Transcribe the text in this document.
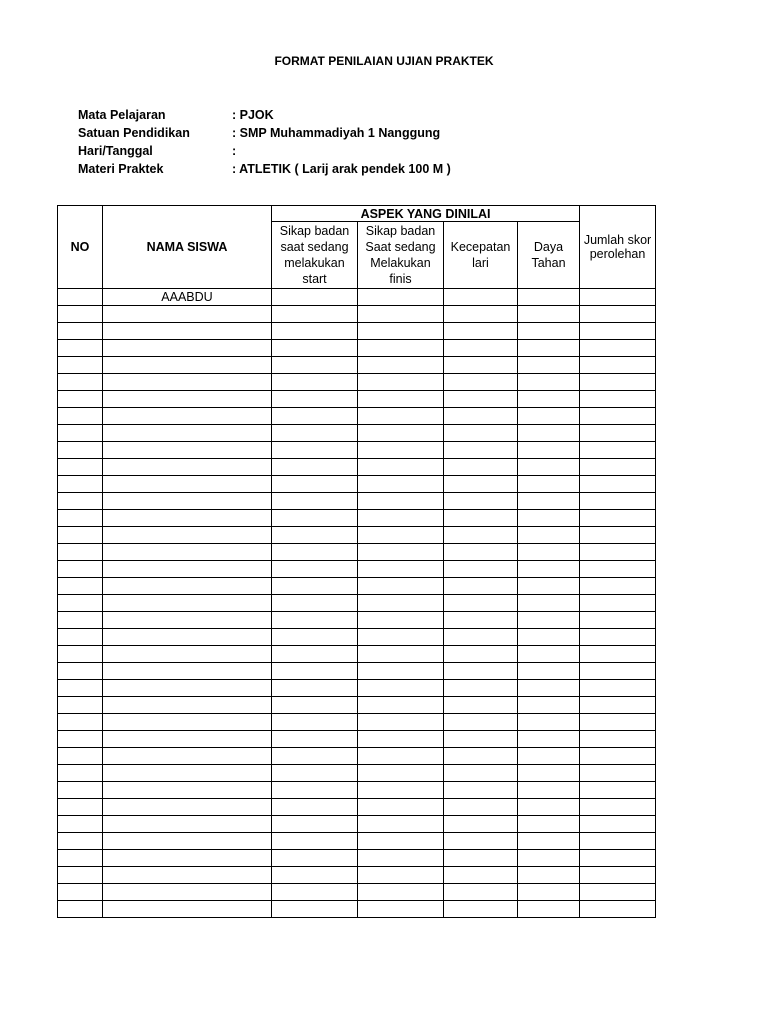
FORMAT PENILAIAN UJIAN PRAKTEK
Mata Pelajaran	: PJOK
Satuan Pendidikan	: SMP Muhammadiyah 1 Nanggung
Hari/Tanggal	:
Materi Praktek	: ATLETIK ( Larij arak pendek 100 M )
NO	NAMA SISWA	ASPEK YANG DINILAI				Jumlah skor perolehan
		Sikap badan saat sedang melakukan start	Sikap badan Saat sedang Melakukan finis	Kecepatan lari	Daya Tahan	
	AAABDU					
